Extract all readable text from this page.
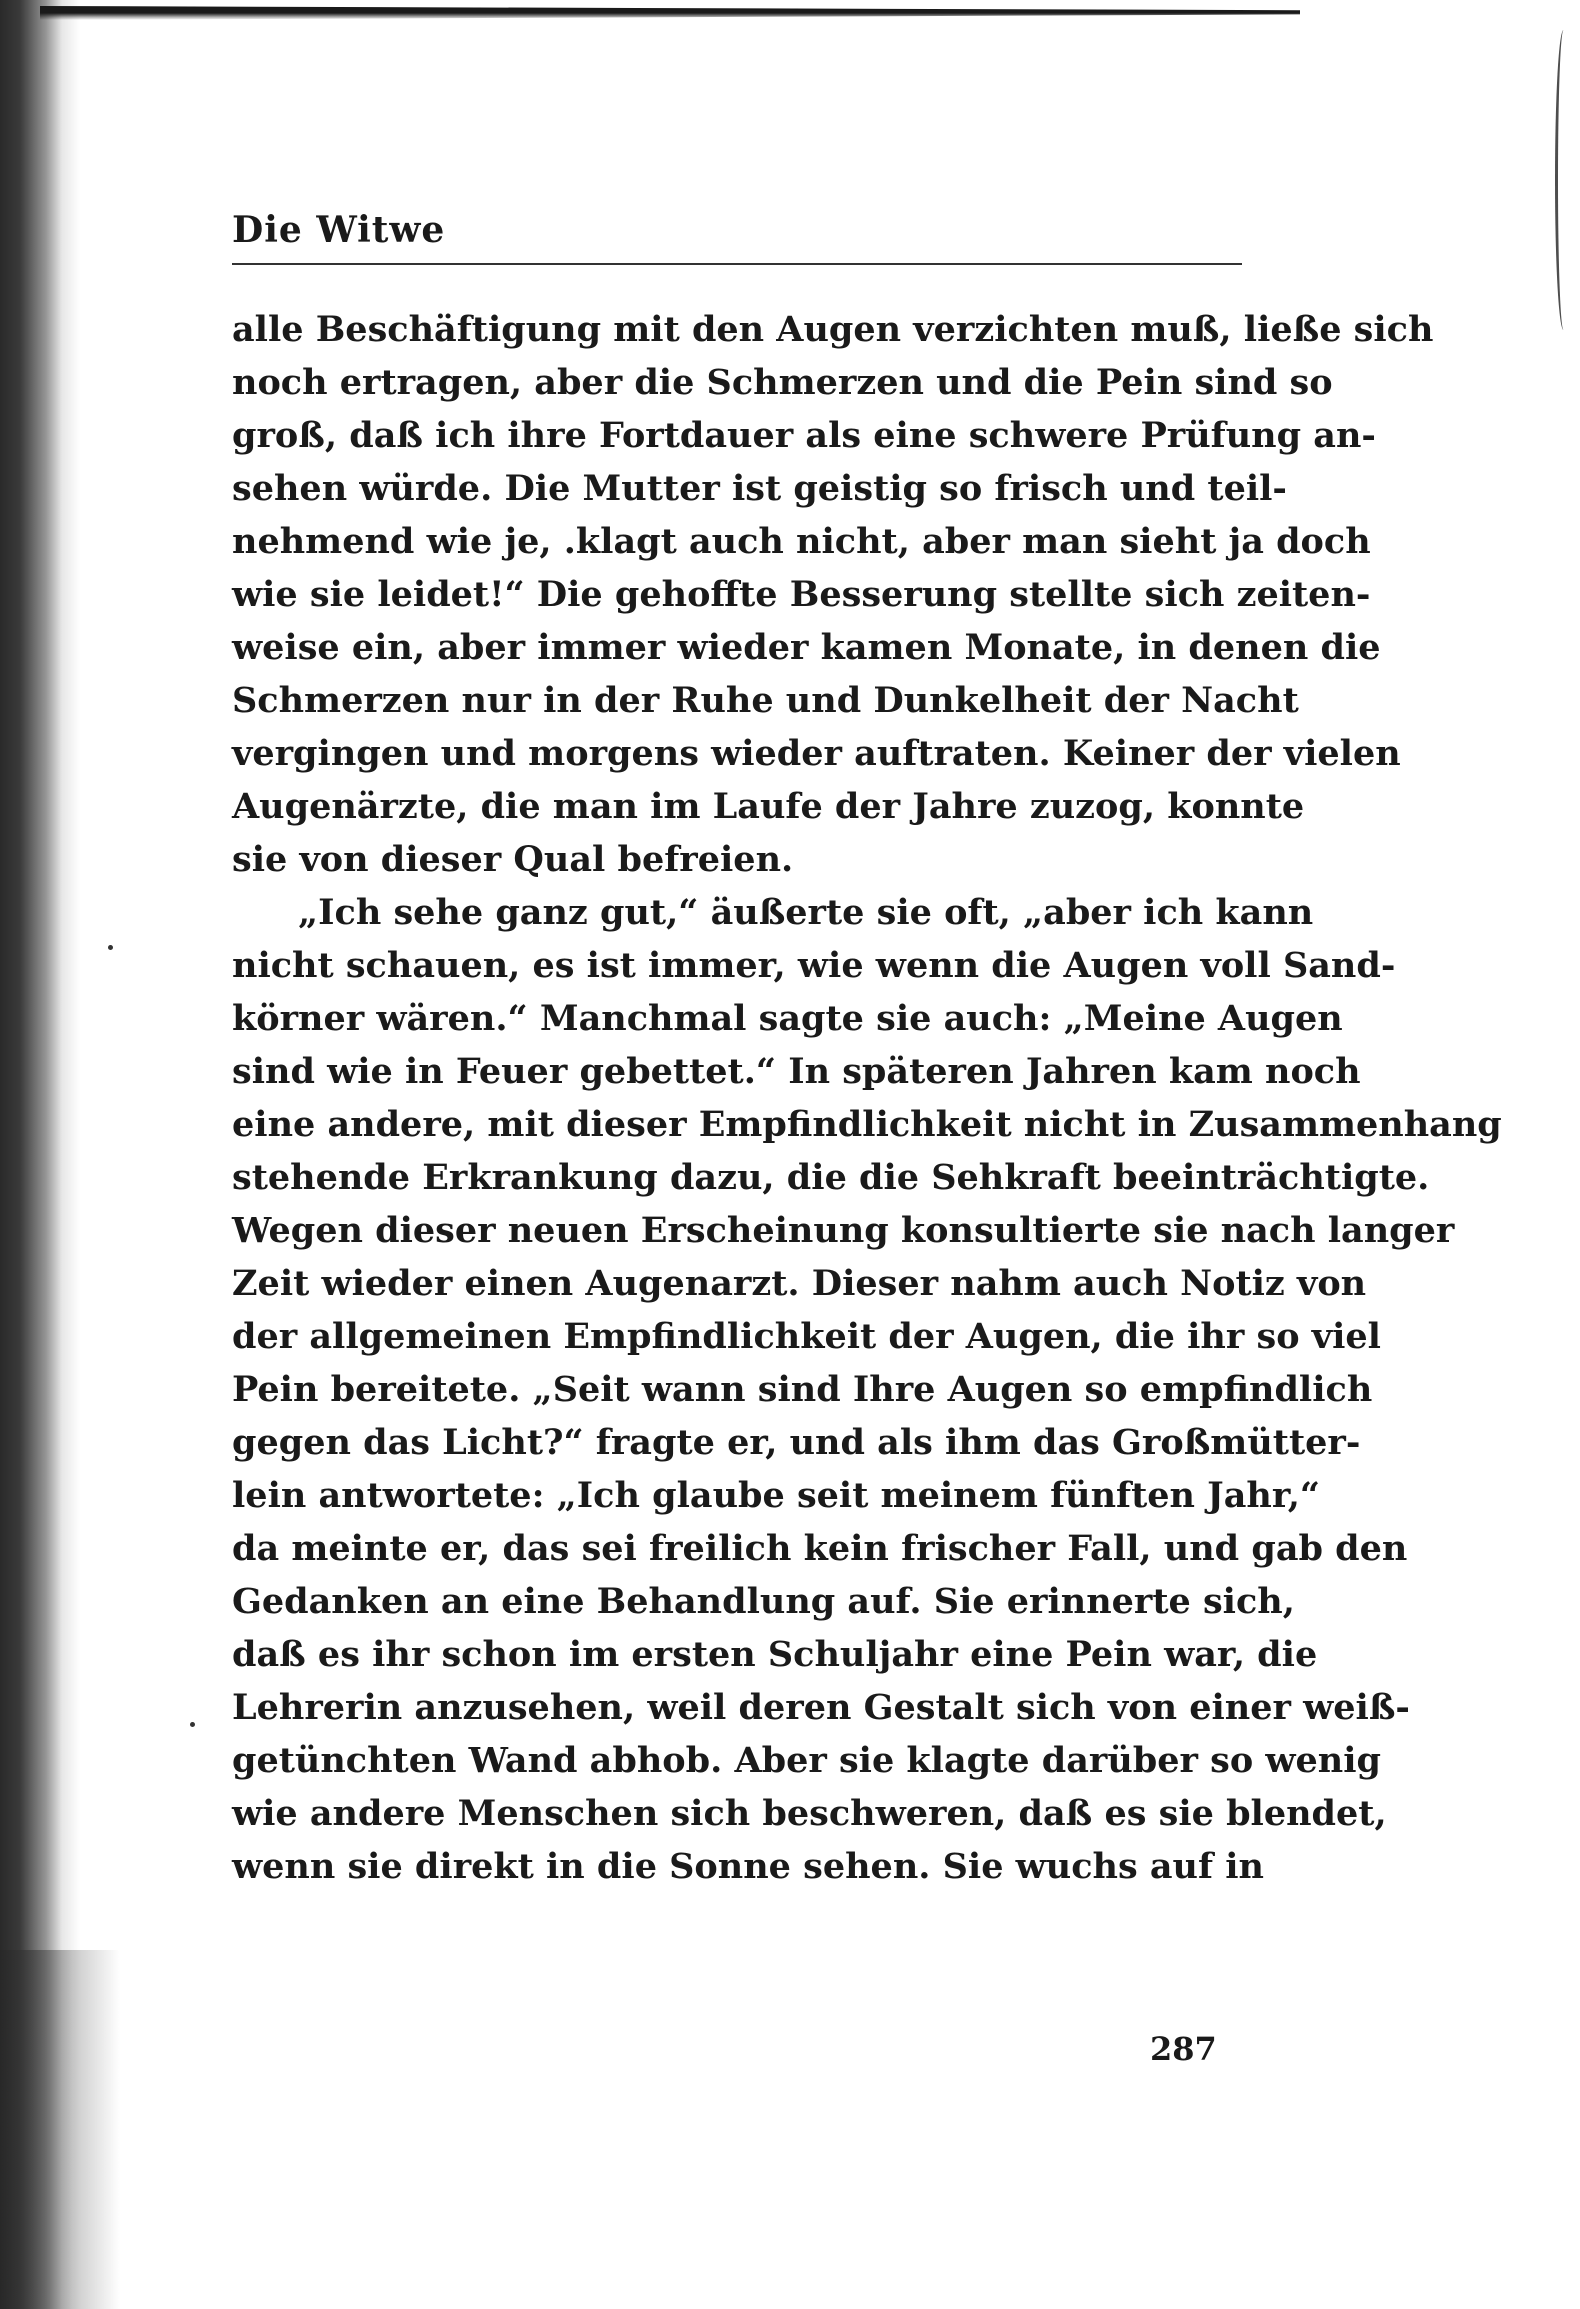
Die Witwe
alle Beschäftigung mit den Augen verzichten muß, ließe sich
noch ertragen, aber die Schmerzen und die Pein sind so
groß, daß ich ihre Fortdauer als eine schwere Prüfung an-
sehen würde. Die Mutter ist geistig so frisch und teil-
nehmend wie je, .klagt auch nicht, aber man sieht ja doch
wie sie leidet!“ Die gehoffte Besserung stellte sich zeiten-
weise ein, aber immer wieder kamen Monate, in denen die
Schmerzen nur in der Ruhe und Dunkelheit der Nacht
vergingen und morgens wieder auftraten. Keiner der vielen
Augenärzte, die man im Laufe der Jahre zuzog, konnte
sie von dieser Qual befreien.
„Ich sehe ganz gut,“ äußerte sie oft, „aber ich kann
nicht schauen, es ist immer, wie wenn die Augen voll Sand-
körner wären.“ Manchmal sagte sie auch: „Meine Augen
sind wie in Feuer gebettet.“ In späteren Jahren kam noch
eine andere, mit dieser Empfindlichkeit nicht in Zusammenhang
stehende Erkrankung dazu, die die Sehkraft beeinträchtigte.
Wegen dieser neuen Erscheinung konsultierte sie nach langer
Zeit wieder einen Augenarzt. Dieser nahm auch Notiz von
der allgemeinen Empfindlichkeit der Augen, die ihr so viel
Pein bereitete. „Seit wann sind Ihre Augen so empfindlich
gegen das Licht?“ fragte er, und als ihm das Großmütter-
lein antwortete: „Ich glaube seit meinem fünften Jahr,“
da meinte er, das sei freilich kein frischer Fall, und gab den
Gedanken an eine Behandlung auf. Sie erinnerte sich,
daß es ihr schon im ersten Schuljahr eine Pein war, die
Lehrerin anzusehen, weil deren Gestalt sich von einer weiß-
getünchten Wand abhob. Aber sie klagte darüber so wenig
wie andere Menschen sich beschweren, daß es sie blendet,
wenn sie direkt in die Sonne sehen. Sie wuchs auf in
287
